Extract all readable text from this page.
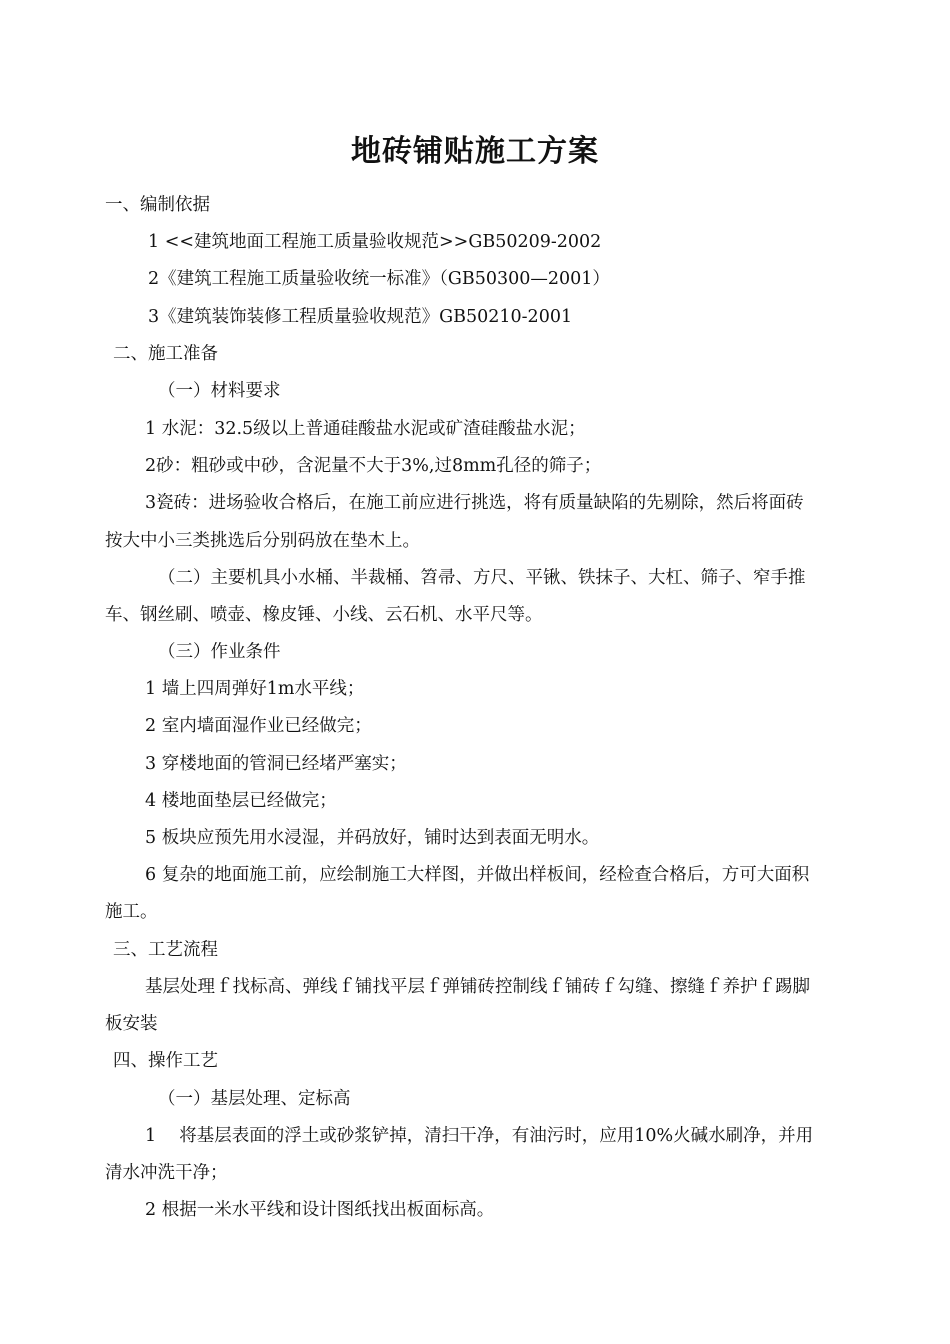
地砖铺贴施工方案

一、编制依据

1 <<建筑地面工程施工质量验收规范>>GB50209-2002

2《建筑工程施工质量验收统一标准》（GB50300—2001）

3《建筑装饰装修工程质量验收规范》GB50210-2001

二、施工准备

（一）材料要求

1 水泥：32.5级以上普通硅酸盐水泥或矿渣硅酸盐水泥；

2砂：粗砂或中砂，含泥量不大于3%,过8mm孔径的筛子；

3瓷砖：进场验收合格后，在施工前应进行挑选，将有质量缺陷的先剔除，然后将面砖

按大中小三类挑选后分别码放在垫木上。

（二）主要机具小水桶、半裁桶、笤帚、方尺、平锹、铁抹子、大杠、筛子、窄手推

车、钢丝刷、喷壶、橡皮锤、小线、云石机、水平尺等。

（三）作业条件

1 墙上四周弹好1m水平线；

2 室内墙面湿作业已经做完；

3 穿楼地面的管洞已经堵严塞实；

4 楼地面垫层已经做完；

5 板块应预先用水浸湿，并码放好，铺时达到表面无明水。

6 复杂的地面施工前，应绘制施工大样图，并做出样板间，经检查合格后，方可大面积

施工。

三、工艺流程

基层处理ｆ找标高、弹线ｆ铺找平层ｆ弹铺砖控制线ｆ铺砖ｆ勾缝、擦缝ｆ养护ｆ踢脚

板安装

四、操作工艺

（一）基层处理、定标高

1　 将基层表面的浮土或砂浆铲掉，清扫干净，有油污时，应用10%火碱水刷净，并用

清水冲洗干净；

2 根据一米水平线和设计图纸找出板面标高。
